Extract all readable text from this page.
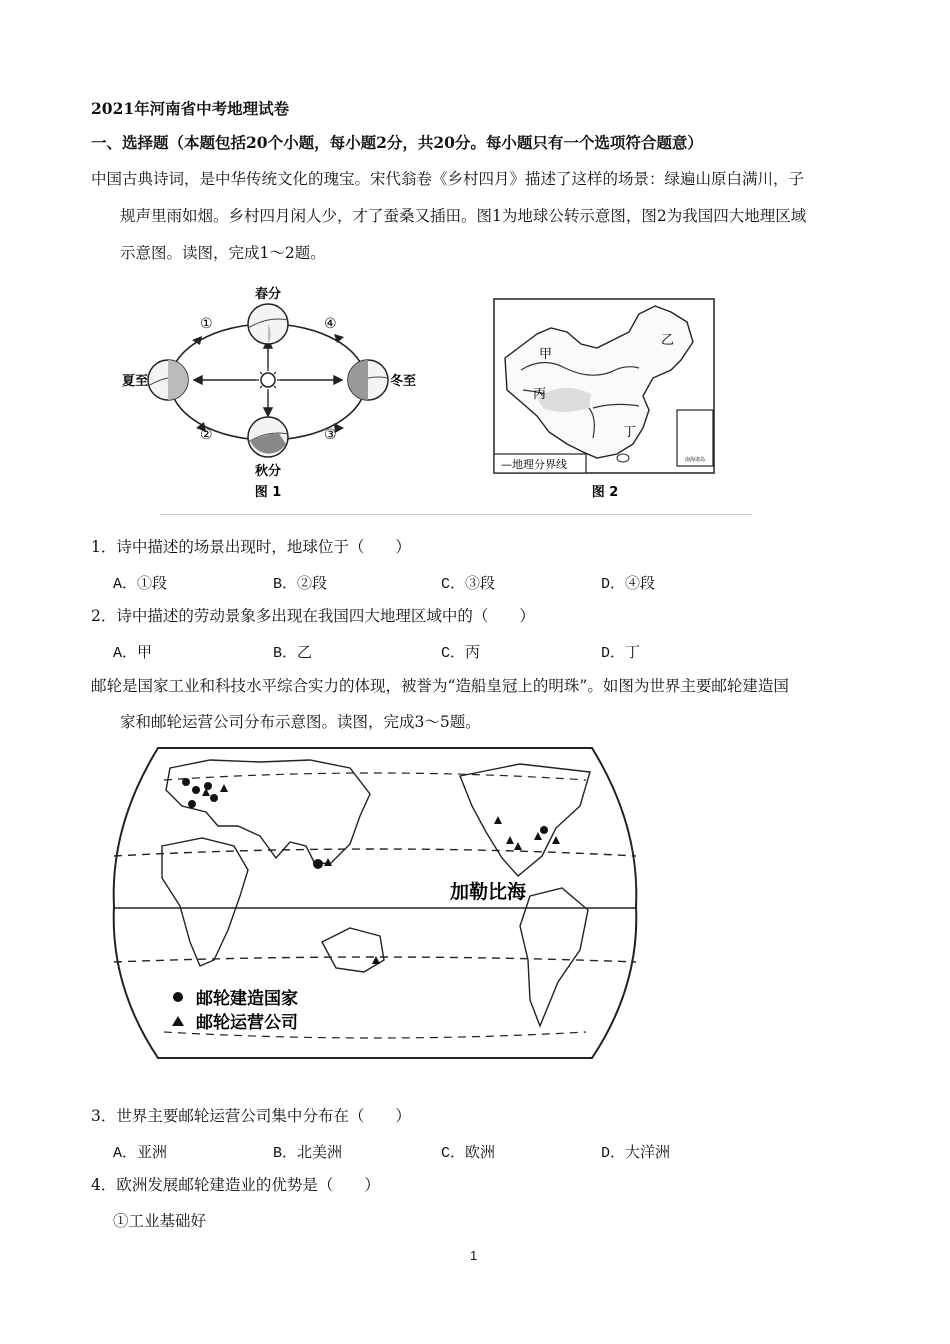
2021年河南省中考地理试卷
一、选择题（本题包括20个小题，每小题2分，共20分。每小题只有一个选项符合题意）
中国古典诗词，是中华传统文化的瑰宝。宋代翁卷《乡村四月》描述了这样的场景：绿遍山原白满川，子
规声里雨如烟。乡村四月闲人少，才了蚕桑又插田。图1为地球公转示意图，图2为我国四大地理区域
示意图。读图，完成1～2题。
春分
夏至
秋分
冬至
①
②	③
④
图 1
南海诸岛
—地理分界线
甲
乙
丙
丁
图 2
1．诗中描述的场景出现时，地球位于（　　）
A．①段	B．②段	C．③段	D．④段
2．诗中描述的劳动景象多出现在我国四大地理区域中的（　　）
A．甲	B．乙	C．丙	D．丁
邮轮是国家工业和科技水平综合实力的体现，被誉为“造船皇冠上的明珠”。如图为世界主要邮轮建造国
家和邮轮运营公司分布示意图。读图，完成3～5题。
加勒比海
邮轮建造国家
邮轮运营公司
3．世界主要邮轮运营公司集中分布在（　　）
A．亚洲	B．北美洲	C．欧洲	D．大洋洲
4．欧洲发展邮轮建造业的优势是（　　）
①工业基础好
1
